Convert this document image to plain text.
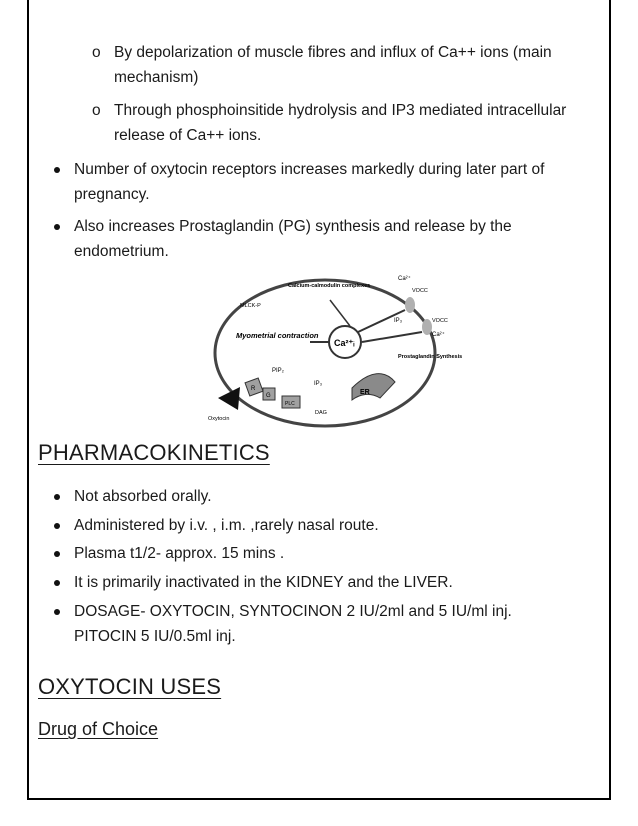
o By depolarization of muscle fibres and influx of Ca++ ions (main mechanism)
o Through phosphoinsitide hydrolysis and IP3 mediated intracellular release of Ca++ ions.
Number of oxytocin receptors increases markedly during later part of pregnancy.
Also increases Prostaglandin (PG) synthesis and release by the endometrium.
Ca²⁺
VOCC
VOCC
Ca²⁺
IP₃
Calcium-calmodulin complexes
MLCK-P
Myometrial contraction
Ca²⁺ᵢ
Prostaglandin Synthesis
PIP₂
IP₃
ER
R
G
PLC
DAG
Oxytocin
PHARMACOKINETICS
Not absorbed orally.
Administered by i.v. , i.m. ,rarely nasal route.
Plasma t1/2- approx. 15 mins .
It is primarily inactivated in the KIDNEY and the LIVER.
DOSAGE- OXYTOCIN, SYNTOCINON 2 IU/2ml and 5 IU/ml inj. PITOCIN 5 IU/0.5ml inj.
OXYTOCIN USES
Drug of Choice
